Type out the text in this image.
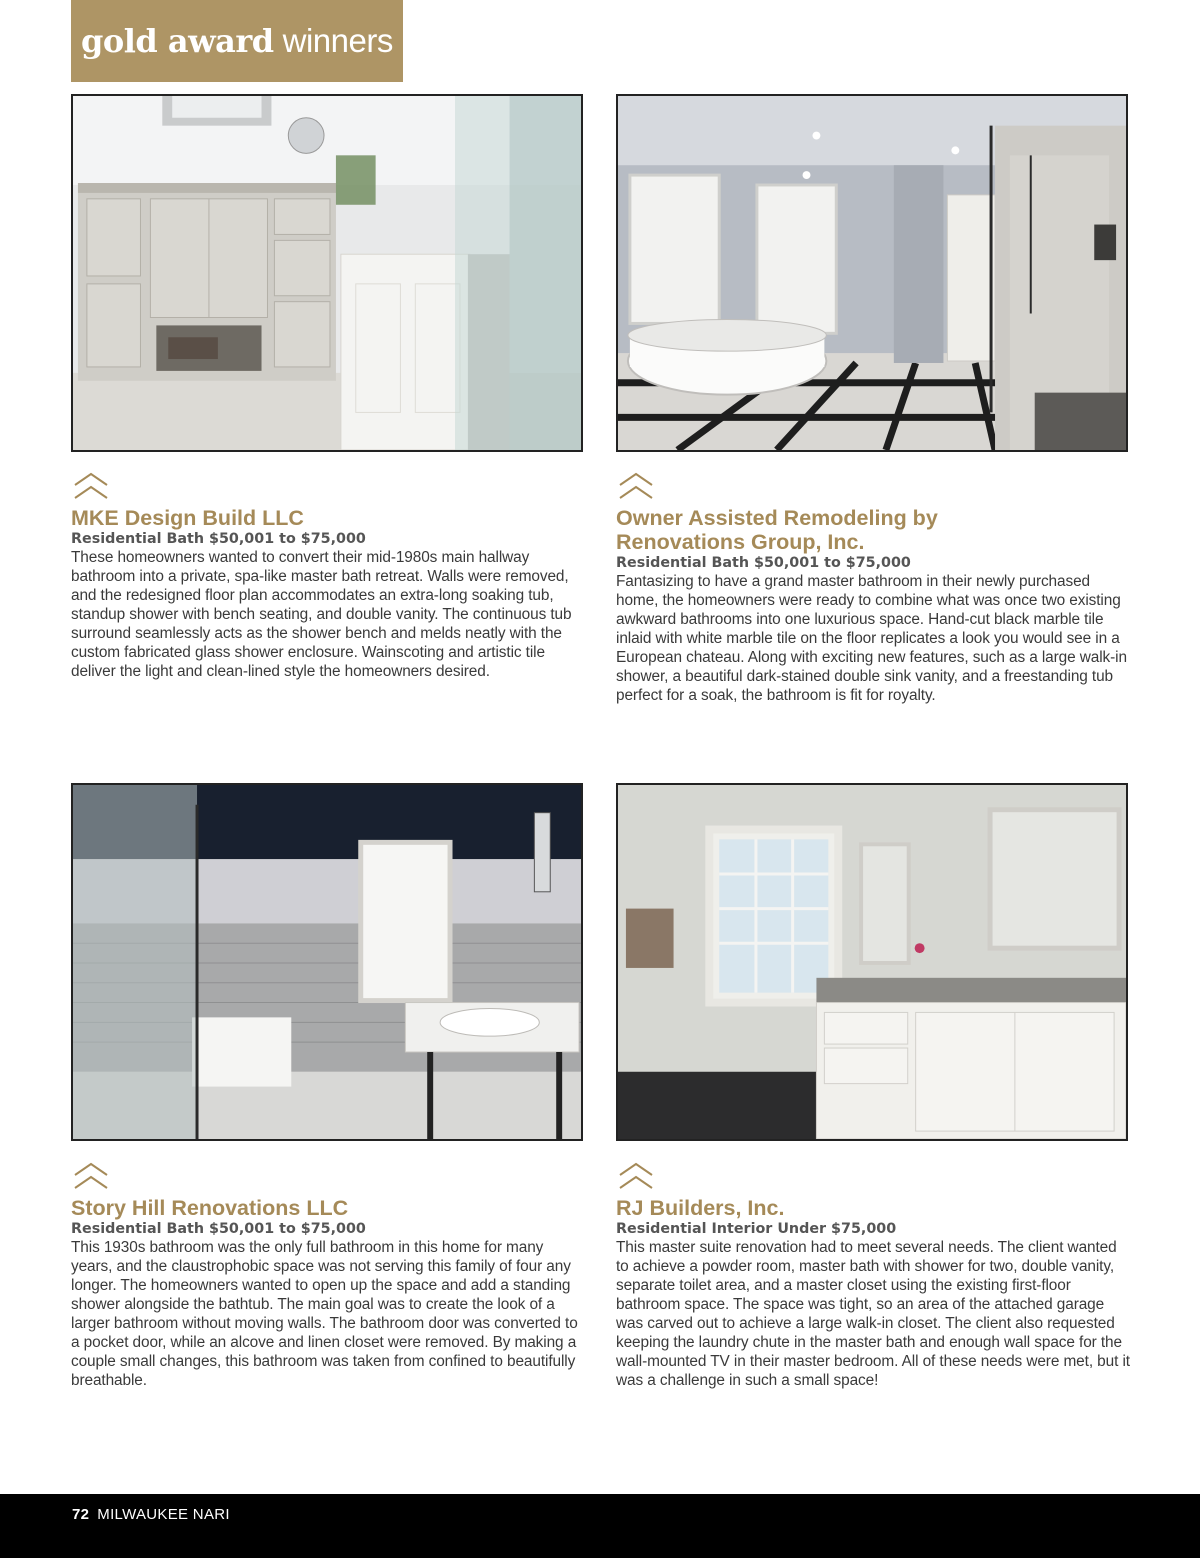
gold award winners

MKE Design Build LLC

Residential Bath $50,001 to $75,000

These homeowners wanted to convert their mid-1980s main hallway bathroom into a private, spa-like master bath retreat. Walls were removed, and the redesigned floor plan accommodates an extra-long soaking tub, standup shower with bench seating, and double vanity. The continuous tub surround seamlessly acts as the shower bench and melds neatly with the custom fabricated glass shower enclosure. Wainscoting and artistic tile deliver the light and clean-lined style the homeowners desired.

Owner Assisted Remodeling by Renovations Group, Inc.

Residential Bath $50,001 to $75,000

Fantasizing to have a grand master bathroom in their newly purchased home, the homeowners were ready to combine what was once two existing awkward bathrooms into one luxurious space. Hand-cut black marble tile inlaid with white marble tile on the floor replicates a look you would see in a European chateau. Along with exciting new features, such as a large walk-in shower, a beautiful dark-stained double sink vanity, and a freestanding tub perfect for a soak, the bathroom is fit for royalty.

Story Hill Renovations LLC

Residential Bath $50,001 to $75,000

This 1930s bathroom was the only full bathroom in this home for many years, and the claustrophobic space was not serving this family of four any longer. The homeowners wanted to open up the space and add a standing shower alongside the bathtub. The main goal was to create the look of a larger bathroom without moving walls. The bathroom door was converted to a pocket door, while an alcove and linen closet were removed. By making a couple small changes, this bathroom was taken from confined to beautifully breathable.

RJ Builders, Inc.

Residential Interior Under $75,000

This master suite renovation had to meet several needs. The client wanted to achieve a powder room, master bath with shower for two, double vanity, separate toilet area, and a master closet using the existing first-floor bathroom space. The space was tight, so an area of the attached garage was carved out to achieve a large walk-in closet. The client also requested keeping the laundry chute in the master bath and enough wall space for the wall-mounted TV in their master bedroom. All of these needs were met, but it was a challenge in such a small space!

72 MILWAUKEE NARI
